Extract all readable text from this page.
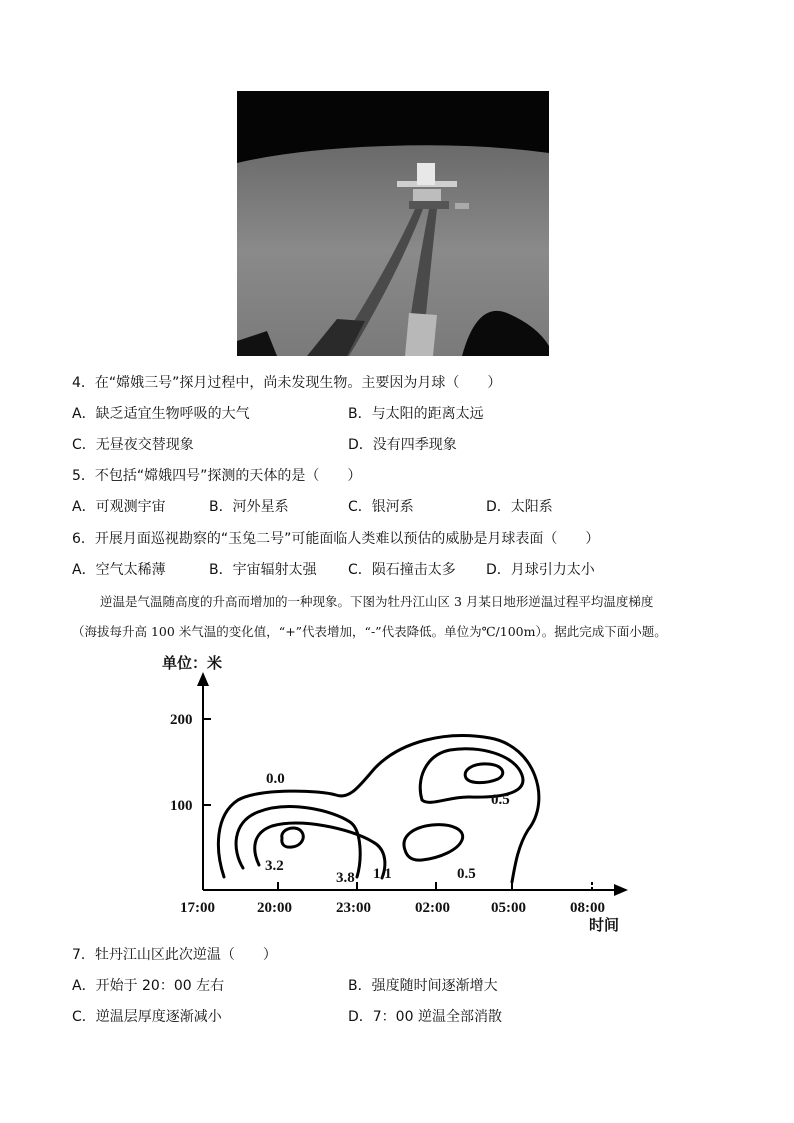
4．在“嫦娥三号”探月过程中，尚未发现生物。主要因为月球（　　）
A．缺乏适宜生物呼吸的大气	B．与太阳的距离太远
C．无昼夜交替现象	D．没有四季现象
5．不包括“嫦娥四号”探测的天体的是（　　）
A．可观测宇宙	B．河外星系	C．银河系	D．太阳系
6．开展月面巡视勘察的“玉兔二号”可能面临人类难以预估的威胁是月球表面（　　）
A．空气太稀薄	B．宇宙辐射太强 C．陨石撞击太多 D．月球引力太小
逆温是气温随高度的升高而增加的一种现象。下图为牡丹江山区 3 月某日地形逆温过程平均温度梯度
（海拔每升高 100 米气温的变化值，“+”代表增加，“-”代表降低。单位为℃/100m）。据此完成下面小题。
单位：米
200
100
17:00	20:00	23:00	02:00	05:00	08:00
时间
0.0
0.5
3.2
3.8 1.1	0.5
7．牡丹江山区此次逆温（　　）
A．开始于 20：00 左右	B．强度随时间逐渐增大
C．逆温层厚度逐渐减小	D．7：00 逆温全部消散
